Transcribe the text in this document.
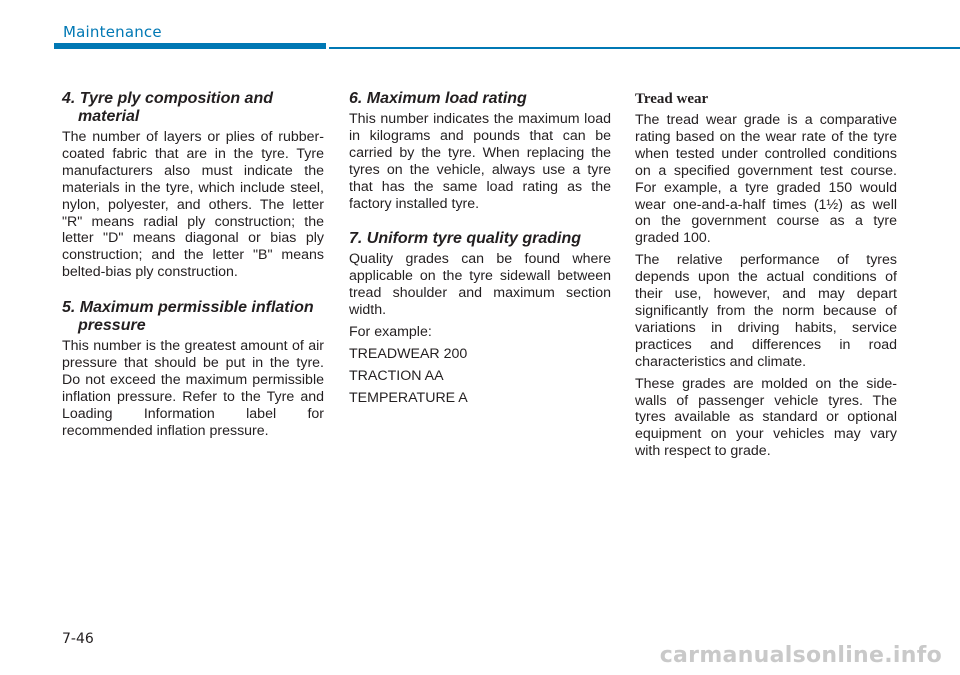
Maintenance
4. Tyre ply composition and material

The number of layers or plies of rubber-coated fabric that are in the tyre. Tyre manufacturers also must indicate the materials in the tyre, which include steel, nylon, polyester, and others. The letter "R" means radial ply construction; the letter "D" means diagonal or bias ply construction; and the letter "B" means belted-bias ply construction.

5. Maximum permissible inflation pressure

This number is the greatest amount of air pressure that should be put in the tyre. Do not exceed the maximum permissible inflation pressure. Refer to the Tyre and Loading Information label for recommended inflation pressure.

6. Maximum load rating

This number indicates the maximum load in kilograms and pounds that can be carried by the tyre. When replacing the tyres on the vehicle, always use a tyre that has the same load rating as the factory installed tyre.

7. Uniform tyre quality grading

Quality grades can be found where applicable on the tyre sidewall between tread shoulder and maximum section width.

For example:

TREADWEAR 200

TRACTION AA

TEMPERATURE A

Tread wear

The tread wear grade is a comparative rating based on the wear rate of the tyre when tested under controlled conditions on a specified government test course. For example, a tyre graded 150 would wear one-and-a-half times (1½) as well on the government course as a tyre graded 100.

The relative performance of tyres depends upon the actual conditions of their use, however, and may depart significantly from the norm because of variations in driving habits, service practices and differences in road characteristics and climate.

These grades are molded on the side-walls of passenger vehicle tyres. The tyres available as standard or optional equipment on your vehicles may vary with respect to grade.

7-46
carmanualsonline.info
